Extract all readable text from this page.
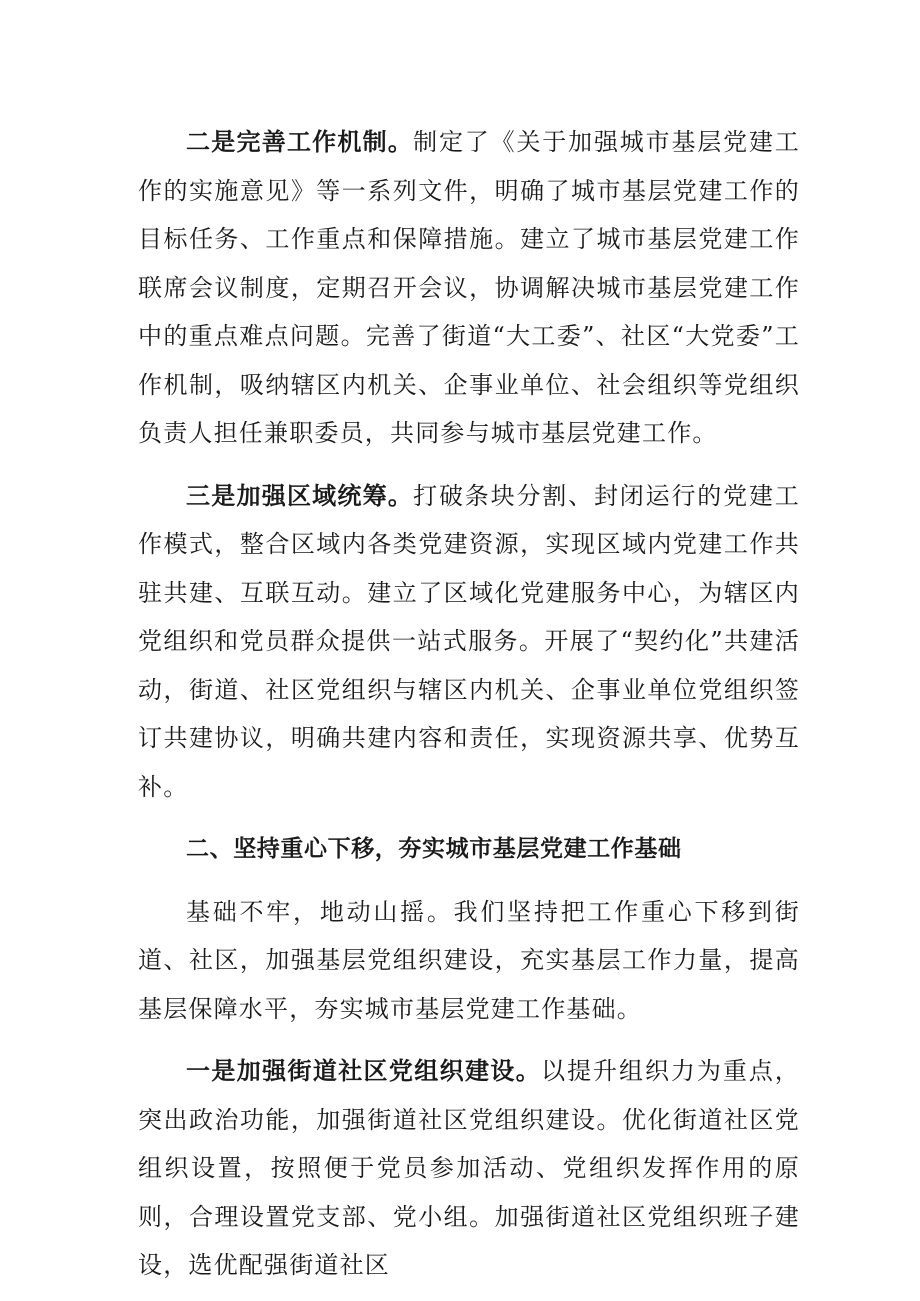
二是完善工作机制。制定了《关于加强城市基层党建工作的实施意见》等一系列文件，明确了城市基层党建工作的目标任务、工作重点和保障措施。建立了城市基层党建工作联席会议制度，定期召开会议，协调解决城市基层党建工作中的重点难点问题。完善了街道“大工委”、社区“大党委”工作机制，吸纳辖区内机关、企事业单位、社会组织等党组织负责人担任兼职委员，共同参与城市基层党建工作。

三是加强区域统筹。打破条块分割、封闭运行的党建工作模式，整合区域内各类党建资源，实现区域内党建工作共驻共建、互联互动。建立了区域化党建服务中心，为辖区内党组织和党员群众提供一站式服务。开展了“契约化”共建活动，街道、社区党组织与辖区内机关、企事业单位党组织签订共建协议，明确共建内容和责任，实现资源共享、优势互补。

二、坚持重心下移，夯实城市基层党建工作基础

基础不牢，地动山摇。我们坚持把工作重心下移到街道、社区，加强基层党组织建设，充实基层工作力量，提高基层保障水平，夯实城市基层党建工作基础。

一是加强街道社区党组织建设。以提升组织力为重点，突出政治功能，加强街道社区党组织建设。优化街道社区党组织设置，按照便于党员参加活动、党组织发挥作用的原则，合理设置党支部、党小组。加强街道社区党组织班子建设，选优配强街道社区
